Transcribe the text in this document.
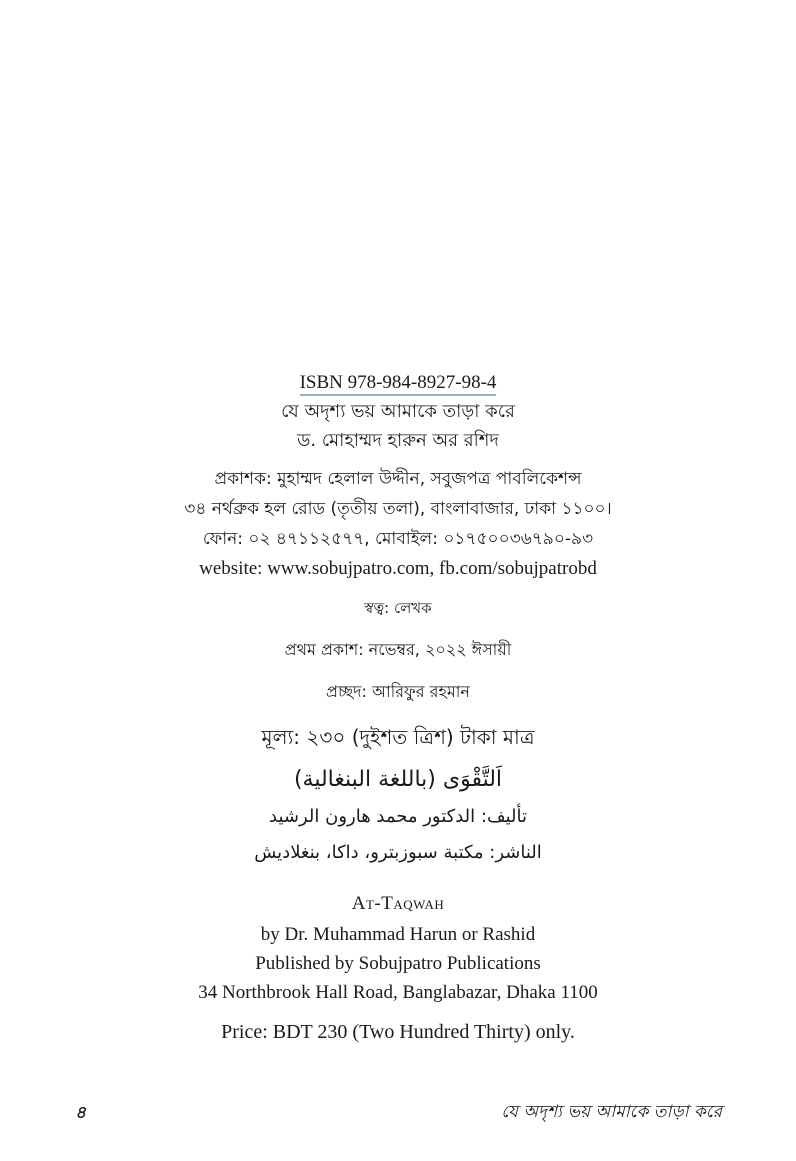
ISBN 978-984-8927-98-4
যে অদৃশ্য ভয় আমাকে তাড়া করে
ড. মোহাম্মদ হারুন অর রশিদ
প্রকাশক: মুহাম্মদ হেলাল উদ্দীন, সবুজপত্র পাবলিকেশন্স
৩৪ নর্থব্রুক হল রোড (তৃতীয় তলা), বাংলাবাজার, ঢাকা ১১০০।
ফোন: ০২ ৪৭১১২৫৭৭, মোবাইল: ০১৭৫০০৩৬৭৯০-৯৩
website: www.sobujpatro.com, fb.com/sobujpatrobd
স্বত্ব: লেখক
প্রথম প্রকাশ: নভেম্বর, ২০২২ ঈসায়ী
প্রচ্ছদ: আরিফুর রহমান
মূল্য: ২৩০ (দুইশত ত্রিশ) টাকা মাত্র
اَلتَّقْوَى (باللغة البنغالية)
تأليف: الدكتور محمد هارون الرشيد
الناشر: مكتبة سبوزبترو، داكا، بنغلاديش
At-Taqwah
by Dr. Muhammad Harun or Rashid
Published by Sobujpatro Publications
34 Northbrook Hall Road, Banglabazar, Dhaka 1100
Price: BDT 230 (Two Hundred Thirty) only.
৪	যে অদৃশ্য ভয় আমাকে তাড়া করে
